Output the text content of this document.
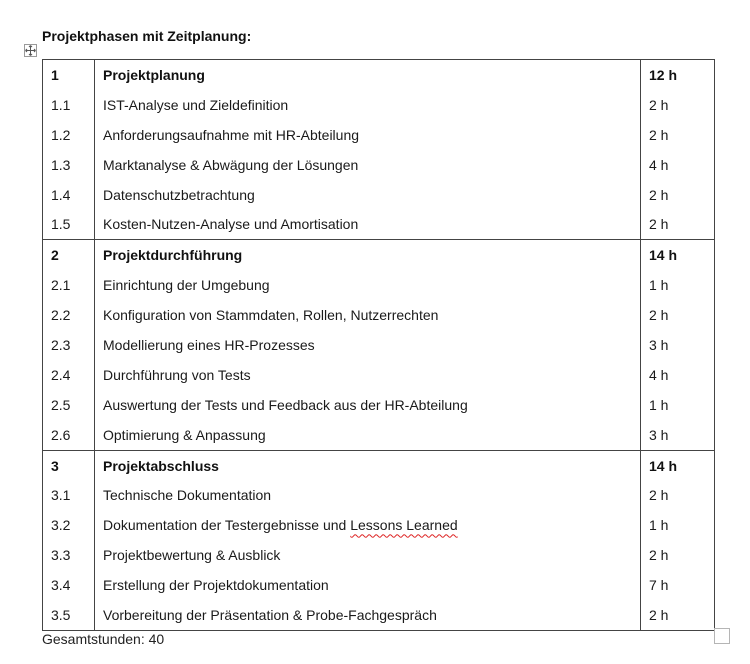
Projektphasen mit Zeitplanung:
1	Projektplanung	12 h
1.1	IST-Analyse und Zieldefinition	2 h
1.2	Anforderungsaufnahme mit HR-Abteilung	2 h
1.3	Marktanalyse & Abwägung der Lösungen	4 h
1.4	Datenschutzbetrachtung	2 h
1.5	Kosten-Nutzen-Analyse und Amortisation	2 h
2	Projektdurchführung	14 h
2.1	Einrichtung der Umgebung	1 h
2.2	Konfiguration von Stammdaten, Rollen, Nutzerrechten	2 h
2.3	Modellierung eines HR-Prozesses	3 h
2.4	Durchführung von Tests	4 h
2.5	Auswertung der Tests und Feedback aus der HR-Abteilung	1 h
2.6	Optimierung & Anpassung	3 h
3	Projektabschluss	14 h
3.1	Technische Dokumentation	2 h
3.2	Dokumentation der Testergebnisse und Lessons Learned	1 h
3.3	Projektbewertung & Ausblick	2 h
3.4	Erstellung der Projektdokumentation	7 h
3.5	Vorbereitung der Präsentation & Probe-Fachgespräch	2 h
Gesamtstunden: 40
